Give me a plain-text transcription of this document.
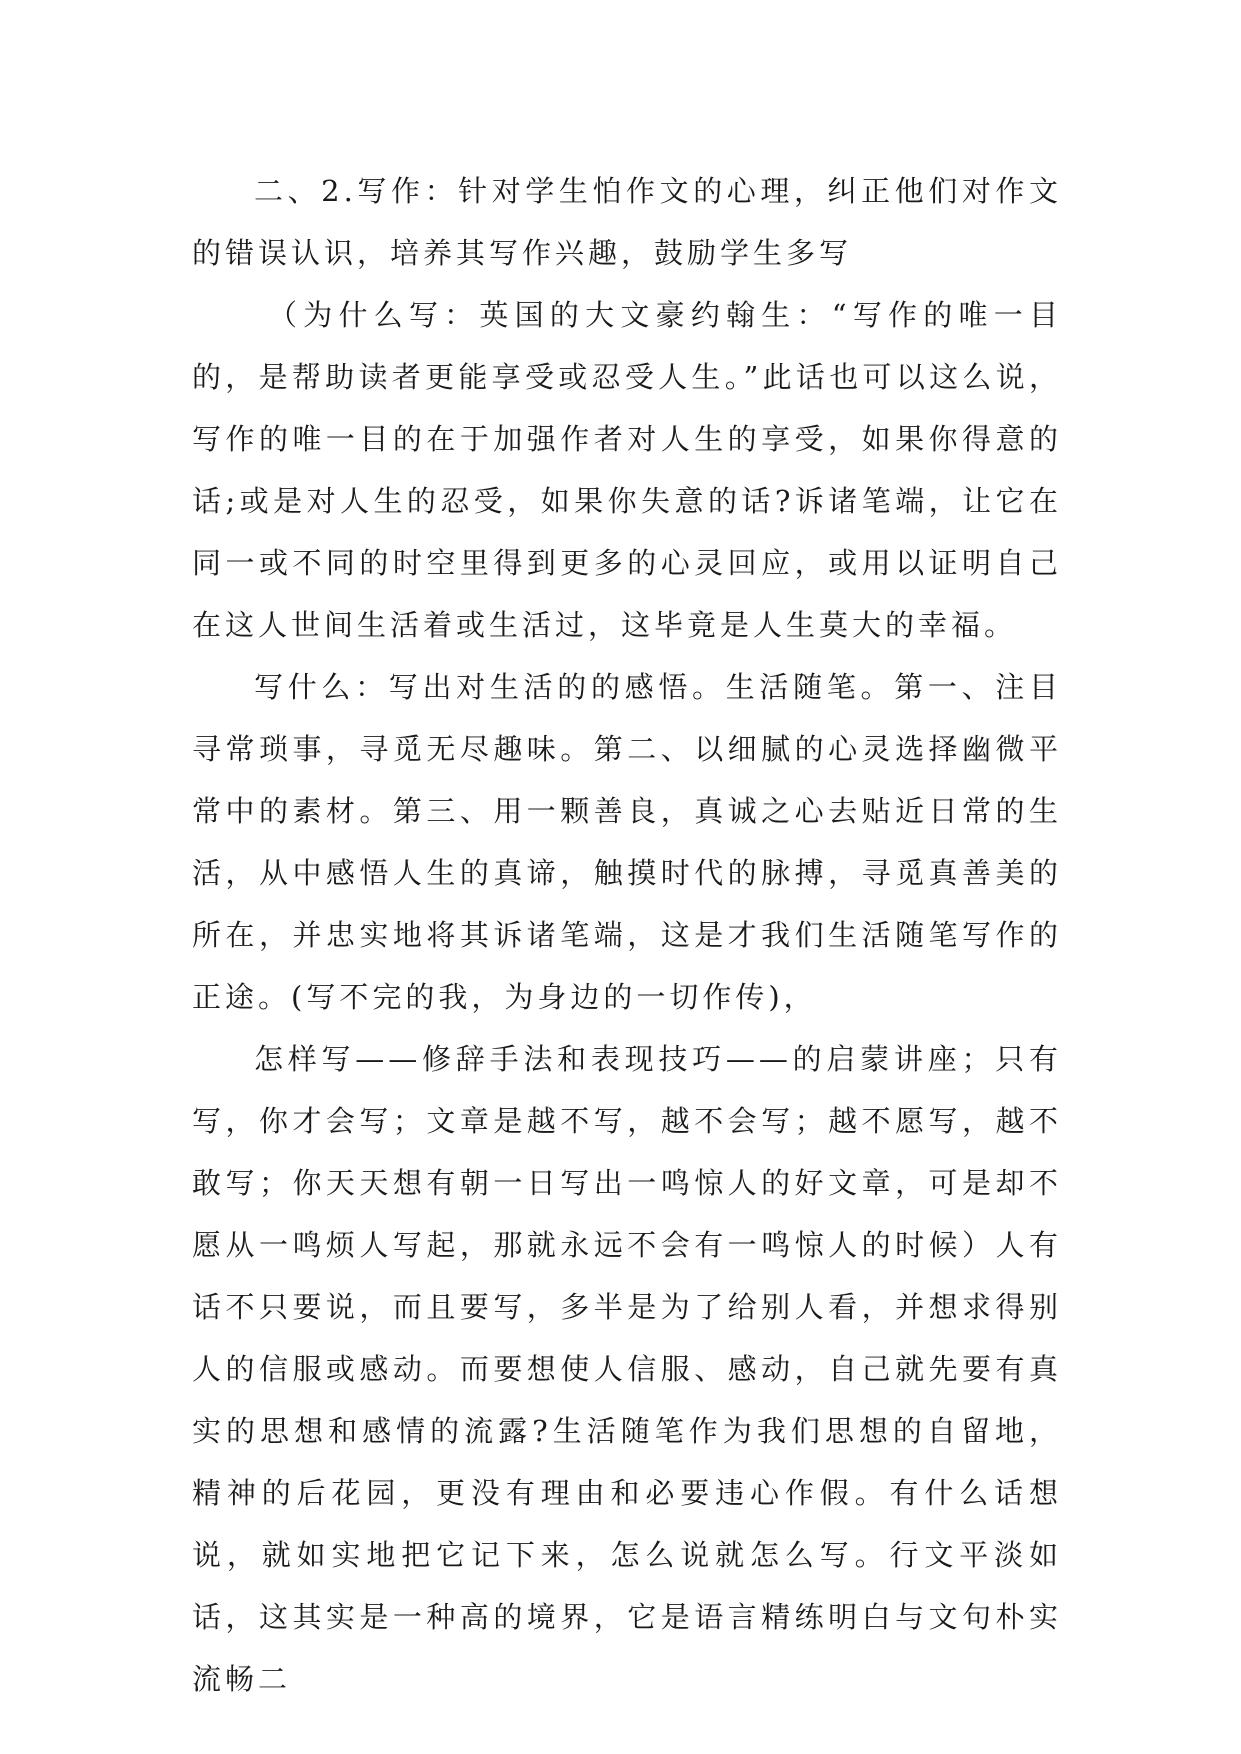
二、2.写作：针对学生怕作文的心理，纠正他们对作文的错误认识，培养其写作兴趣，鼓励学生多写

（为什么写：英国的大文豪约翰生：“写作的唯一目的，是帮助读者更能享受或忍受人生。”此话也可以这么说，写作的唯一目的在于加强作者对人生的享受，如果你得意的话;或是对人生的忍受，如果你失意的话?诉诸笔端，让它在同一或不同的时空里得到更多的心灵回应，或用以证明自己在这人世间生活着或生活过，这毕竟是人生莫大的幸福。

写什么：写出对生活的的感悟。生活随笔。第一、注目寻常琐事，寻觅无尽趣味。第二、以细腻的心灵选择幽微平常中的素材。第三、用一颗善良，真诚之心去贴近日常的生活，从中感悟人生的真谛，触摸时代的脉搏，寻觅真善美的所在，并忠实地将其诉诸笔端，这是才我们生活随笔写作的正途。(写不完的我，为身边的一切作传)，

怎样写——修辞手法和表现技巧——的启蒙讲座；只有写，你才会写；文章是越不写，越不会写；越不愿写，越不敢写；你天天想有朝一日写出一鸣惊人的好文章，可是却不愿从一鸣烦人写起，那就永远不会有一鸣惊人的时候）人有话不只要说，而且要写，多半是为了给别人看，并想求得别人的信服或感动。而要想使人信服、感动，自己就先要有真实的思想和感情的流露?生活随笔作为我们思想的自留地，精神的后花园，更没有理由和必要违心作假。有什么话想说，就如实地把它记下来，怎么说就怎么写。行文平淡如话，这其实是一种高的境界，它是语言精练明白与文句朴实流畅二
